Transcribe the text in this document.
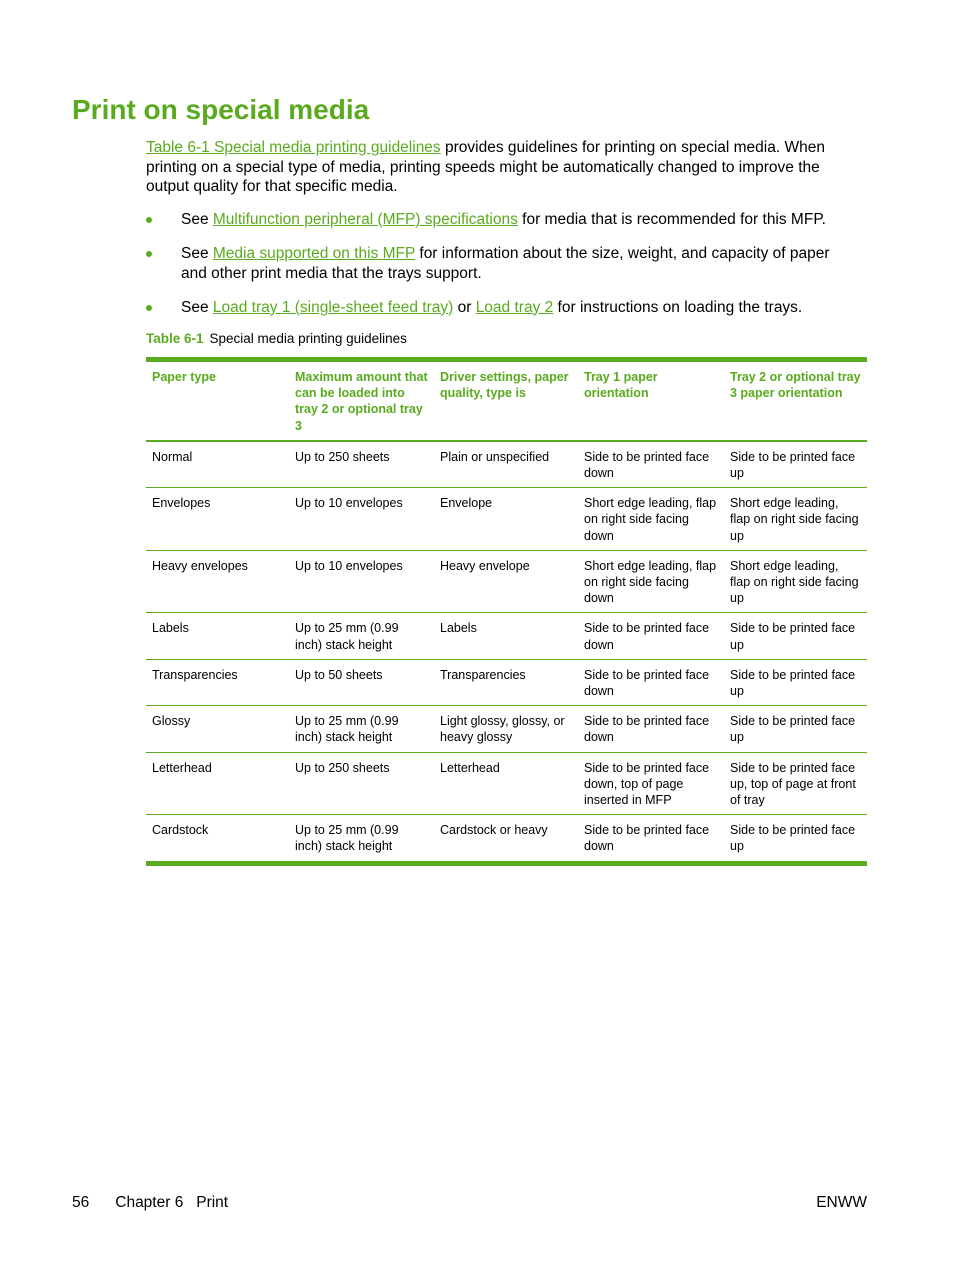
Print on special media

Table 6-1 Special media printing guidelines provides guidelines for printing on special media. When printing on a special type of media, printing speeds might be automatically changed to improve the output quality for that specific media.

See Multifunction peripheral (MFP) specifications for media that is recommended for this MFP.
See Media supported on this MFP for information about the size, weight, and capacity of paper and other print media that the trays support.
See Load tray 1 (single-sheet feed tray) or Load tray 2 for instructions on loading the trays.
Table 6-1 Special media printing guidelines
Paper type	Maximum amount that can be loaded into tray 2 or optional tray 3	Driver settings, paper quality, type is	Tray 1 paper orientation	Tray 2 or optional tray 3 paper orientation
Normal	Up to 250 sheets	Plain or unspecified	Side to be printed face down	Side to be printed face up
Envelopes	Up to 10 envelopes	Envelope	Short edge leading, flap on right side facing down	Short edge leading, flap on right side facing up
Heavy envelopes	Up to 10 envelopes	Heavy envelope	Short edge leading, flap on right side facing down	Short edge leading, flap on right side facing up
Labels	Up to 25 mm (0.99 inch) stack height	Labels	Side to be printed face down	Side to be printed face up
Transparencies	Up to 50 sheets	Transparencies	Side to be printed face down	Side to be printed face up
Glossy	Up to 25 mm (0.99 inch) stack height	Light glossy, glossy, or heavy glossy	Side to be printed face down	Side to be printed face up
Letterhead	Up to 250 sheets	Letterhead	Side to be printed face down, top of page inserted in MFP	Side to be printed face up, top of page at front of tray
Cardstock	Up to 25 mm (0.99 inch) stack height	Cardstock or heavy	Side to be printed face down	Side to be printed face up
56 Chapter 6   Print	ENWW
